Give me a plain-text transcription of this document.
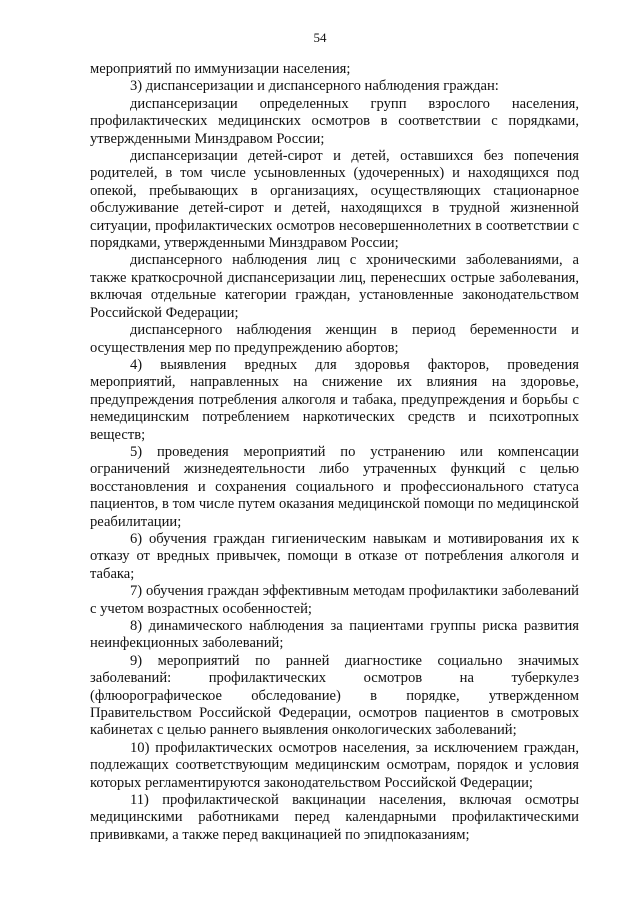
54

мероприятий по иммунизации населения;

3) диспансеризации и диспансерного наблюдения граждан:

диспансеризации определенных групп взрослого населения, профилактических медицинских осмотров в соответствии с порядками, утвержденными Минздравом России;

диспансеризации детей-сирот и детей, оставшихся без попечения родителей, в том числе усыновленных (удочеренных) и находящихся под опекой, пребывающих в организациях, осуществляющих стационарное обслуживание детей-сирот и детей, находящихся в трудной жизненной ситуации, профилактических осмотров несовершеннолетних в соответствии с порядками, утвержденными Минздравом России;

диспансерного наблюдения лиц с хроническими заболеваниями, а также краткосрочной диспансеризации лиц, перенесших острые заболевания, включая отдельные категории граждан, установленные законодательством Российской Федерации;

диспансерного наблюдения женщин в период беременности и осуществления мер по предупреждению абортов;

4) выявления вредных для здоровья факторов, проведения мероприятий, направленных на снижение их влияния на здоровье, предупреждения потребления алкоголя и табака, предупреждения и борьбы с немедицинским потреблением наркотических средств и психотропных веществ;

5) проведения мероприятий по устранению или компенсации ограничений жизнедеятельности либо утраченных функций с целью восстановления и сохранения социального и профессионального статуса пациентов, в том числе путем оказания медицинской помощи по медицинской реабилитации;

6) обучения граждан гигиеническим навыкам и мотивирования их к отказу от вредных привычек, помощи в отказе от потребления алкоголя и табака;

7) обучения граждан эффективным методам профилактики заболеваний с учетом возрастных особенностей;

8) динамического наблюдения за пациентами группы риска развития неинфекционных заболеваний;

9) мероприятий по ранней диагностике социально значимых заболеваний: профилактических осмотров на туберкулез (флюорографическое обследование) в порядке, утвержденном Правительством Российской Федерации, осмотров пациентов в смотровых кабинетах с целью раннего выявления онкологических заболеваний;

10) профилактических осмотров населения, за исключением граждан, подлежащих соответствующим медицинским осмотрам, порядок и условия которых регламентируются законодательством Российской Федерации;

11) профилактической вакцинации населения, включая осмотры медицинскими работниками перед календарными профилактическими прививками, а также перед вакцинацией по эпидпоказаниям;
